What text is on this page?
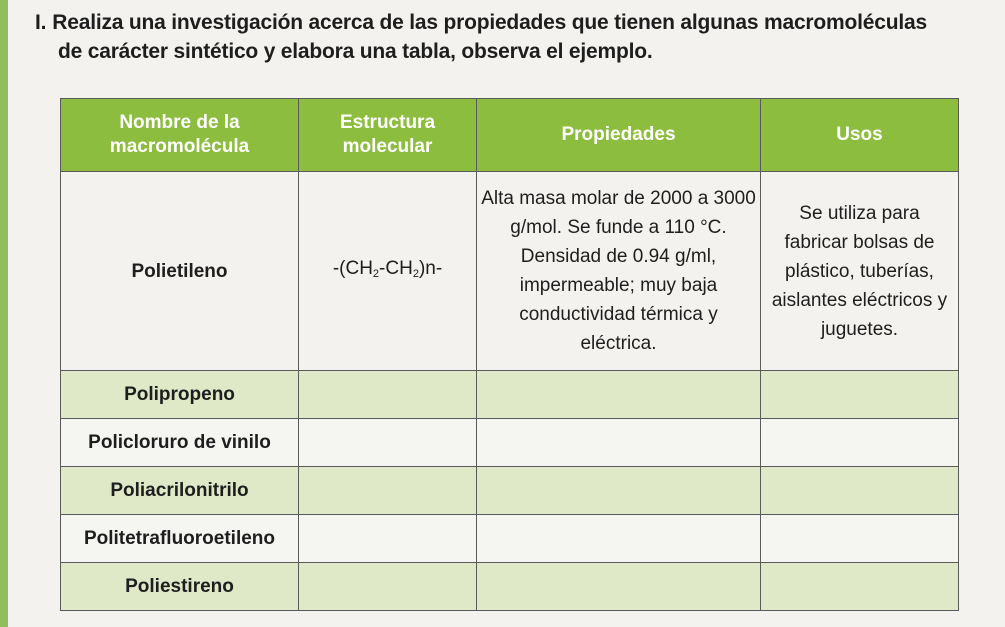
I. Realiza una investigación acerca de las propiedades que tienen algunas macromoléculas
de carácter sintético y elabora una tabla, observa el ejemplo.
Nombre de la macromolécula	Estructura molecular	Propiedades	Usos
Polietileno	$-(CH_2-CH_2)n-$	Alta masa molar de 2000 a 3000 g/mol. Se funde a 110 °C. Densidad de 0.94 g/ml, impermeable; muy baja conductividad térmica y eléctrica.	Se utiliza para fabricar bolsas de plástico, tuberías, aislantes eléctricos y juguetes.
Polipropeno			
Policloruro de vinilo			
Poliacrilonitrilo			
Politetrafluoroetileno			
Poliestireno			
